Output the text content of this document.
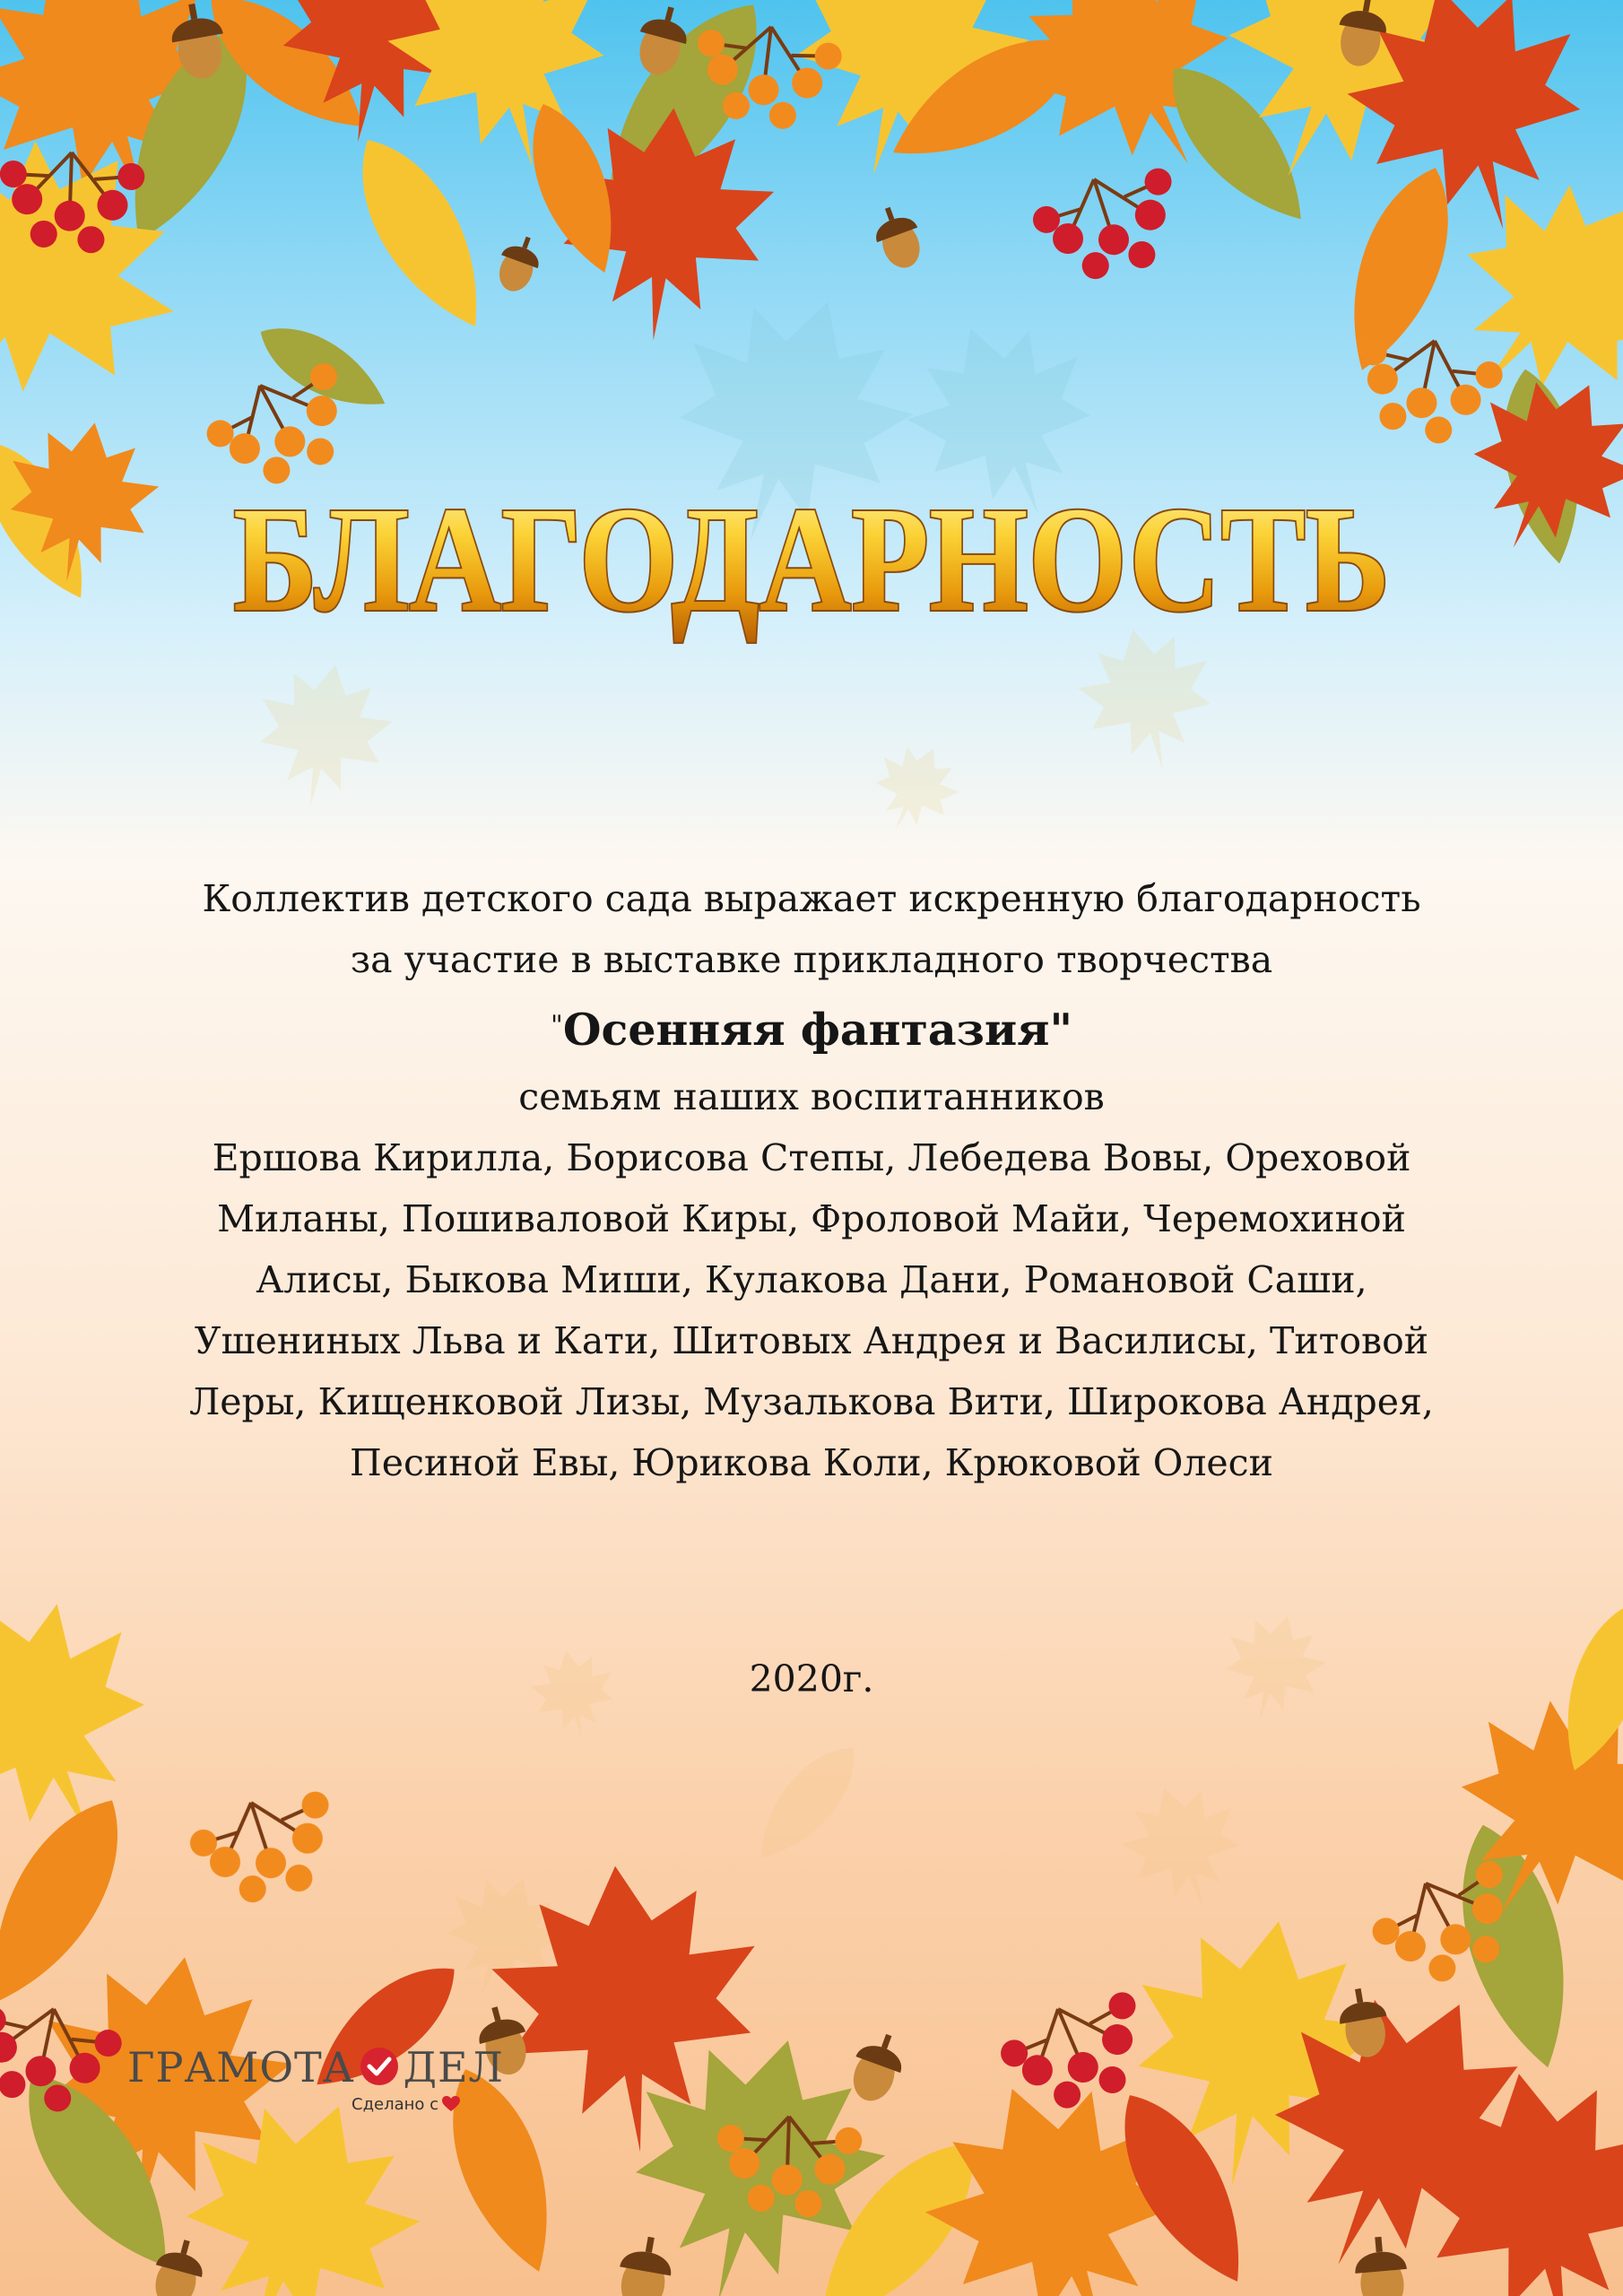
БЛАГОДАРНОСТЬ

Коллектив детского сада выражает искренную благодарность

за участие в выставке прикладного творчества

"Осенняя фантазия"

семьям наших воспитанников

Ершова Кирилла, Борисова Степы, Лебедева Вовы, Ореховой

Миланы, Пошиваловой Киры, Фроловой Майи, Черемохиной

Алисы, Быкова Миши, Кулакова Дани, Романовой Саши,

Ушениных Льва и Кати, Шитовых Андрея и Василисы, Титовой

Леры, Кищенковой Лизы, Музалькова Вити, Широкова Андрея,

Песиной Евы, Юрикова Коли, Крюковой Олеси

2020г.
ГРАМОТА ДЕЛ
Сделано с
